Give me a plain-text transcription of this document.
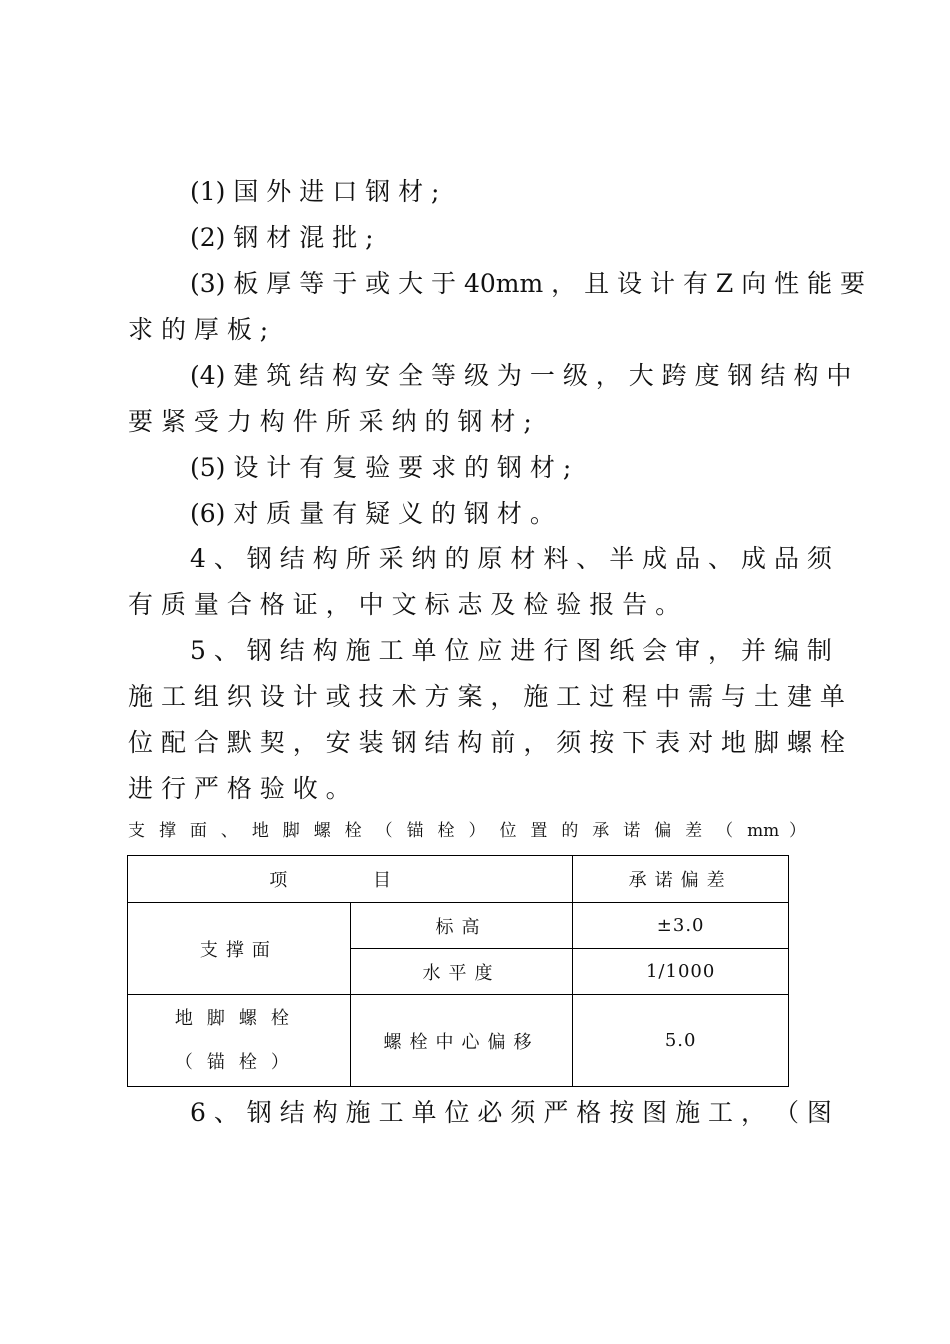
(1) 国 外 进 口 钢 材 ;
(2) 钢 材 混 批 ;
(3) 板 厚 等 于 或 大 于 40mm ， 且 设 计 有 Z 向 性 能 要
求 的 厚 板 ;
(4) 建 筑 结 构 安 全 等 级 为 一 级 ， 大 跨 度 钢 结 构 中
要 紧 受 力 构 件 所 采 纳 的 钢 材 ;
(5) 设 计 有 复 验 要 求 的 钢 材 ;
(6) 对 质 量 有 疑 义 的 钢 材 。
4 、 钢 结 构 所 采 纳 的 原 材 料 、 半 成 品 、 成 品 须
有 质 量 合 格 证 ， 中 文 标 志 及 检 验 报 告 。
5 、 钢 结 构 施 工 单 位 应 进 行 图 纸 会 审 ， 并 编 制
施 工 组 织 设 计 或 技 术 方 案 ， 施 工 过 程 中 需 与 土 建 单
位 配 合 默 契 ， 安 装 钢 结 构 前 ， 须 按 下 表 对 地 脚 螺 栓
进 行 严 格 验 收 。
支 撑 面 、 地 脚 螺 栓 （ 锚 栓 ） 位 置 的 承 诺 偏 差 （ mm ）
项 目		承诺偏差
支撑面	标高	±3.0
	水平度	1/1000
地脚螺栓（锚栓）	螺栓中心偏移	5.0
6 、 钢 结 构 施 工 单 位 必 须 严 格 按 图 施 工 ， （ 图
